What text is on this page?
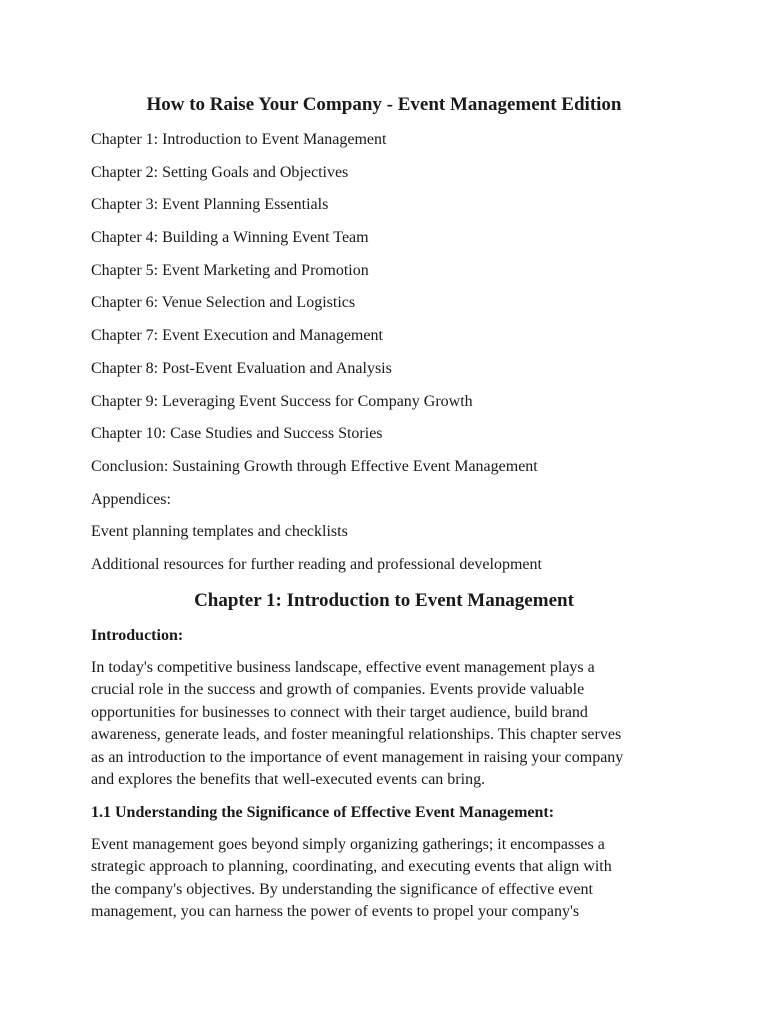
How to Raise Your Company - Event Management Edition
Chapter 1: Introduction to Event Management
Chapter 2: Setting Goals and Objectives
Chapter 3: Event Planning Essentials
Chapter 4: Building a Winning Event Team
Chapter 5: Event Marketing and Promotion
Chapter 6: Venue Selection and Logistics
Chapter 7: Event Execution and Management
Chapter 8: Post-Event Evaluation and Analysis
Chapter 9: Leveraging Event Success for Company Growth
Chapter 10: Case Studies and Success Stories
Conclusion: Sustaining Growth through Effective Event Management
Appendices:
Event planning templates and checklists
Additional resources for further reading and professional development
Chapter 1: Introduction to Event Management
Introduction:
In today's competitive business landscape, effective event management plays a
crucial role in the success and growth of companies. Events provide valuable
opportunities for businesses to connect with their target audience, build brand
awareness, generate leads, and foster meaningful relationships. This chapter serves
as an introduction to the importance of event management in raising your company
and explores the benefits that well-executed events can bring.
1.1 Understanding the Significance of Effective Event Management:
Event management goes beyond simply organizing gatherings; it encompasses a
strategic approach to planning, coordinating, and executing events that align with
the company's objectives. By understanding the significance of effective event
management, you can harness the power of events to propel your company's
